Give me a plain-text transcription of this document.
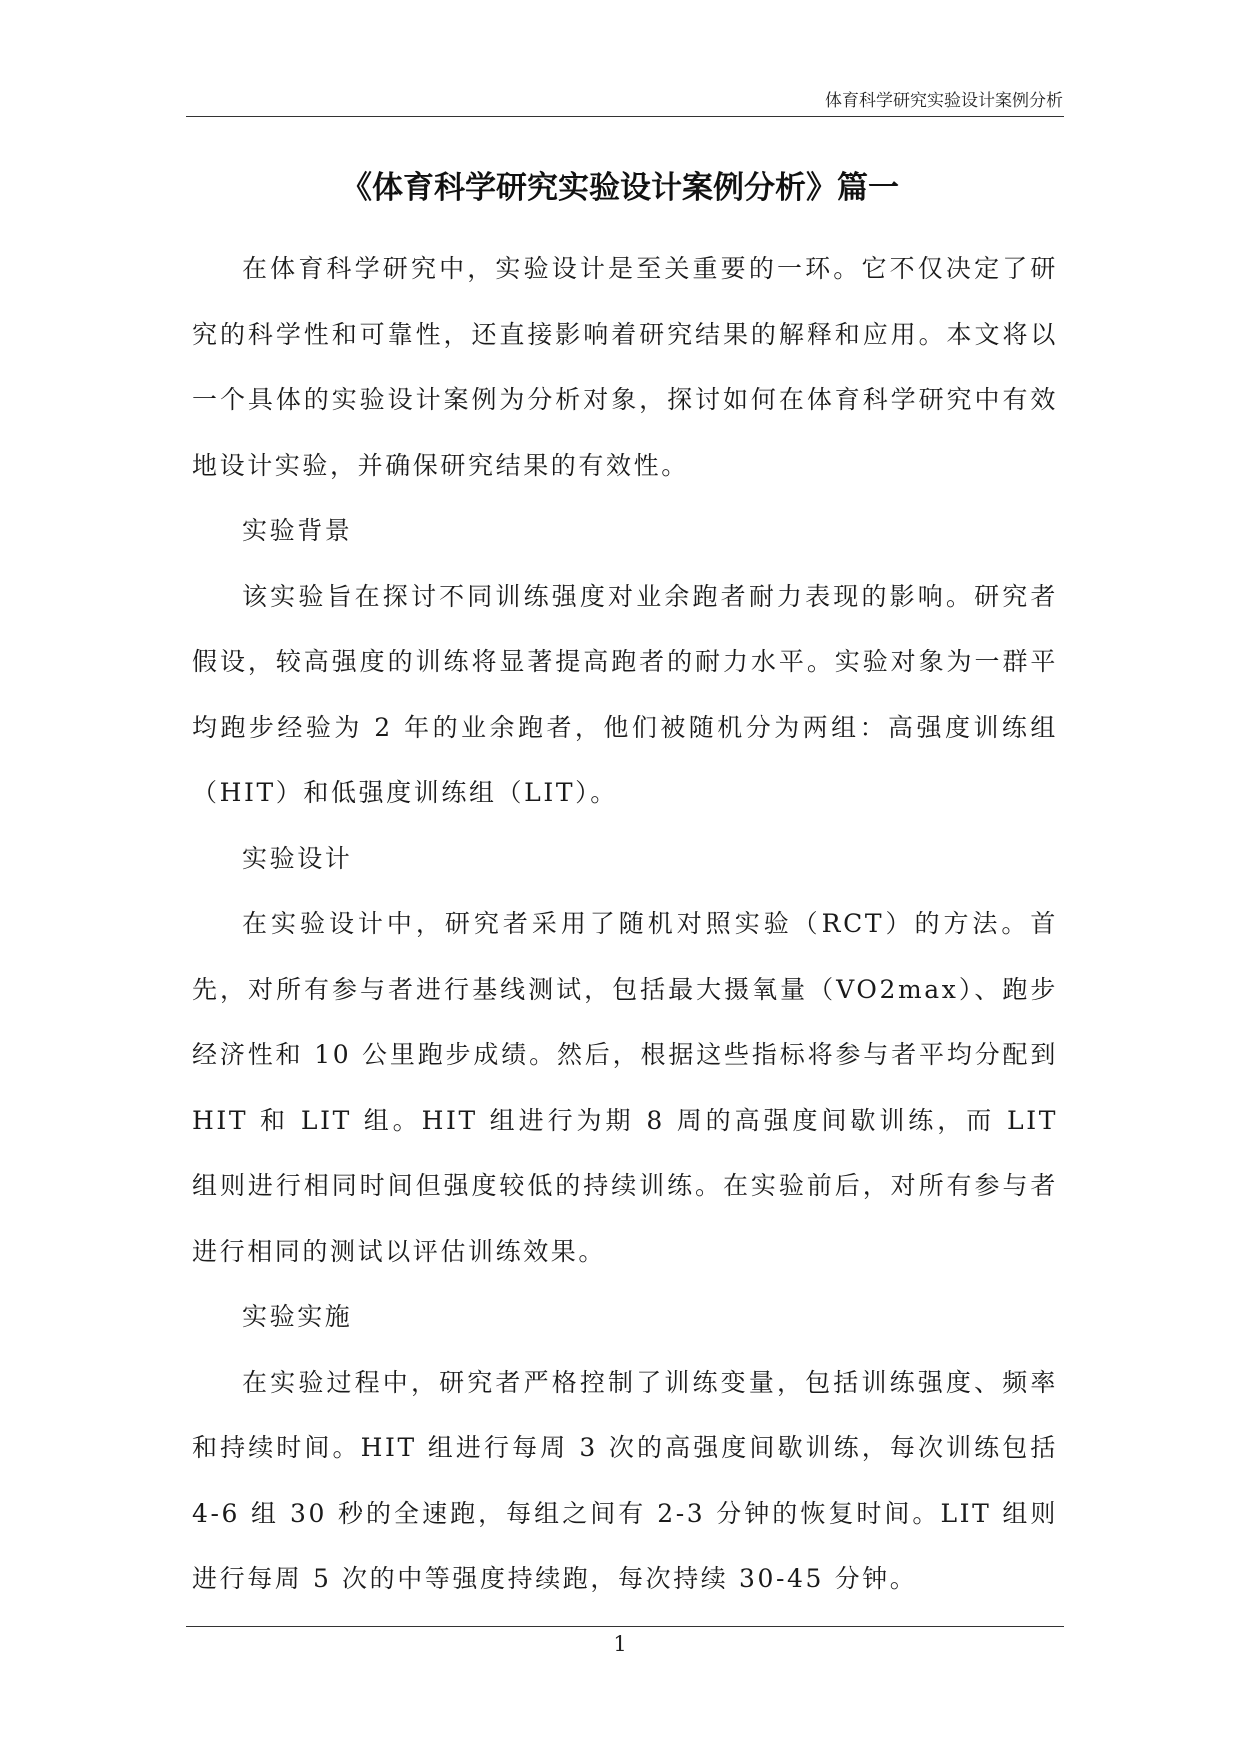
体育科学研究实验设计案例分析
《体育科学研究实验设计案例分析》篇一

在体育科学研究中，实验设计是至关重要的一环。它不仅决定了研究的科学性和可靠性，还直接影响着研究结果的解释和应用。本文将以一个具体的实验设计案例为分析对象，探讨如何在体育科学研究中有效地设计实验，并确保研究结果的有效性。

实验背景

该实验旨在探讨不同训练强度对业余跑者耐力表现的影响。研究者假设，较高强度的训练将显著提高跑者的耐力水平。实验对象为一群平均跑步经验为 2 年的业余跑者，他们被随机分为两组：高强度训练组（HIT）和低强度训练组（LIT）。

实验设计

在实验设计中，研究者采用了随机对照实验（RCT）的方法。首先，对所有参与者进行基线测试，包括最大摄氧量（VO2max）、跑步经济性和 10 公里跑步成绩。然后，根据这些指标将参与者平均分配到 HIT 和 LIT 组。HIT 组进行为期 8 周的高强度间歇训练，而 LIT 组则进行相同时间但强度较低的持续训练。在实验前后，对所有参与者进行相同的测试以评估训练效果。

实验实施

在实验过程中，研究者严格控制了训练变量，包括训练强度、频率和持续时间。HIT 组进行每周 3 次的高强度间歇训练，每次训练包括 4-6 组 30 秒的全速跑，每组之间有 2-3 分钟的恢复时间。LIT 组则进行每周 5 次的中等强度持续跑，每次持续 30-45 分钟。

1
